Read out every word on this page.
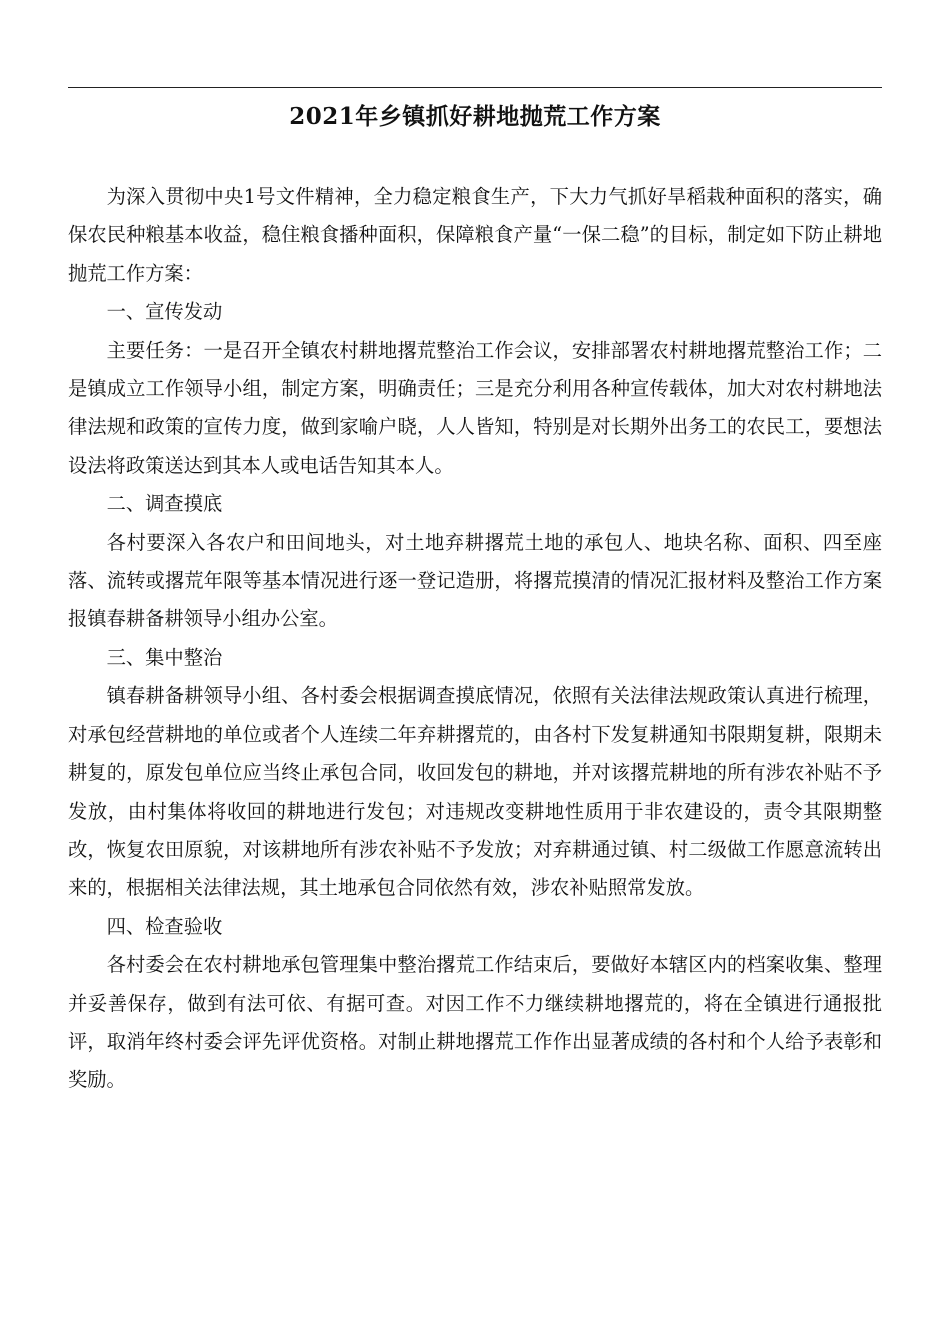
2021年乡镇抓好耕地抛荒工作方案

为深入贯彻中央1号文件精神，全力稳定粮食生产，下大力气抓好旱稻栽种面积的落实，确保农民种粮基本收益，稳住粮食播种面积，保障粮食产量“一保二稳”的目标，制定如下防止耕地抛荒工作方案：

一、宣传发动

主要任务：一是召开全镇农村耕地撂荒整治工作会议，安排部署农村耕地撂荒整治工作；二是镇成立工作领导小组，制定方案，明确责任；三是充分利用各种宣传载体，加大对农村耕地法律法规和政策的宣传力度，做到家喻户晓，人人皆知，特别是对长期外出务工的农民工，要想法设法将政策送达到其本人或电话告知其本人。

二、调查摸底

各村要深入各农户和田间地头，对土地弃耕撂荒土地的承包人、地块名称、面积、四至座落、流转或撂荒年限等基本情况进行逐一登记造册，将撂荒摸清的情况汇报材料及整治工作方案报镇春耕备耕领导小组办公室。

三、集中整治

镇春耕备耕领导小组、各村委会根据调查摸底情况，依照有关法律法规政策认真进行梳理，对承包经营耕地的单位或者个人连续二年弃耕撂荒的，由各村下发复耕通知书限期复耕，限期未耕复的，原发包单位应当终止承包合同，收回发包的耕地，并对该撂荒耕地的所有涉农补贴不予发放，由村集体将收回的耕地进行发包；对违规改变耕地性质用于非农建设的，责令其限期整改，恢复农田原貌，对该耕地所有涉农补贴不予发放；对弃耕通过镇、村二级做工作愿意流转出来的，根据相关法律法规，其土地承包合同依然有效，涉农补贴照常发放。

四、检查验收

各村委会在农村耕地承包管理集中整治撂荒工作结束后，要做好本辖区内的档案收集、整理并妥善保存，做到有法可依、有据可查。对因工作不力继续耕地撂荒的，将在全镇进行通报批评，取消年终村委会评先评优资格。对制止耕地撂荒工作作出显著成绩的各村和个人给予表彰和奖励。
